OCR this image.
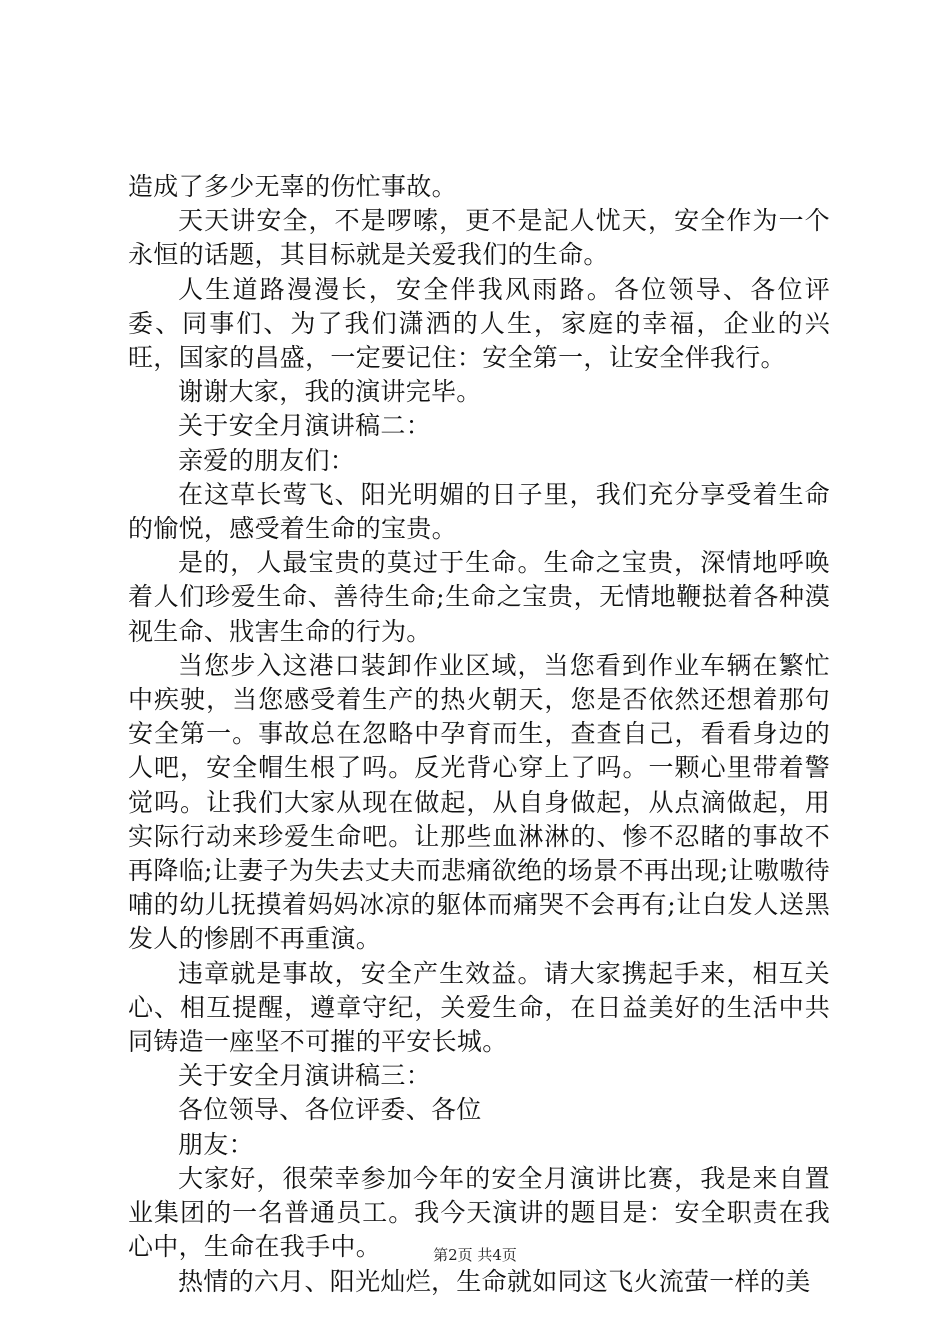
造成了多少无辜的伤忙事故。

天天讲安全，不是啰嗦，更不是記人忧天，安全作为一个永恒的话题，其目标就是关爱我们的生命。

人生道路漫漫长，安全伴我风雨路。各位领导、各位评委、同事们、为了我们潇洒的人生，家庭的幸福，企业的兴旺，国家的昌盛，一定要记住：安全第一，让安全伴我行。

谢谢大家，我的演讲完毕。

关于安全月演讲稿二：

亲爱的朋友们：

在这草长莺飞、阳光明媚的日子里，我们充分享受着生命的愉悦，感受着生命的宝贵。

是的，人最宝贵的莫过于生命。生命之宝贵，深情地呼唤着人们珍爱生命、善待生命;生命之宝贵，无情地鞭挞着各种漠视生命、戕害生命的行为。

当您步入这港口装卸作业区域，当您看到作业车辆在繁忙中疾驶，当您感受着生产的热火朝天，您是否依然还想着那句安全第一。事故总在忽略中孕育而生，查查自己，看看身边的人吧，安全帽生根了吗。反光背心穿上了吗。一颗心里带着警觉吗。让我们大家从现在做起，从自身做起，从点滴做起，用实际行动来珍爱生命吧。让那些血淋淋的、惨不忍睹的事故不再降临;让妻子为失去丈夫而悲痛欲绝的场景不再出现;让嗷嗷待哺的幼儿抚摸着妈妈冰凉的躯体而痛哭不会再有;让白发人送黑发人的惨剧不再重演。

违章就是事故，安全产生效益。请大家携起手来，相互关心、相互提醒，遵章守纪，关爱生命，在日益美好的生活中共同铸造一座坚不可摧的平安长城。

关于安全月演讲稿三：

各位领导、各位评委、各位

朋友：

大家好，很荣幸参加今年的安全月演讲比赛，我是来自置业集团的一名普通员工。我今天演讲的题目是：安全职责在我心中，生命在我手中。

热情的六月、阳光灿烂，生命就如同这飞火流萤一样的美

第2页 共4页
